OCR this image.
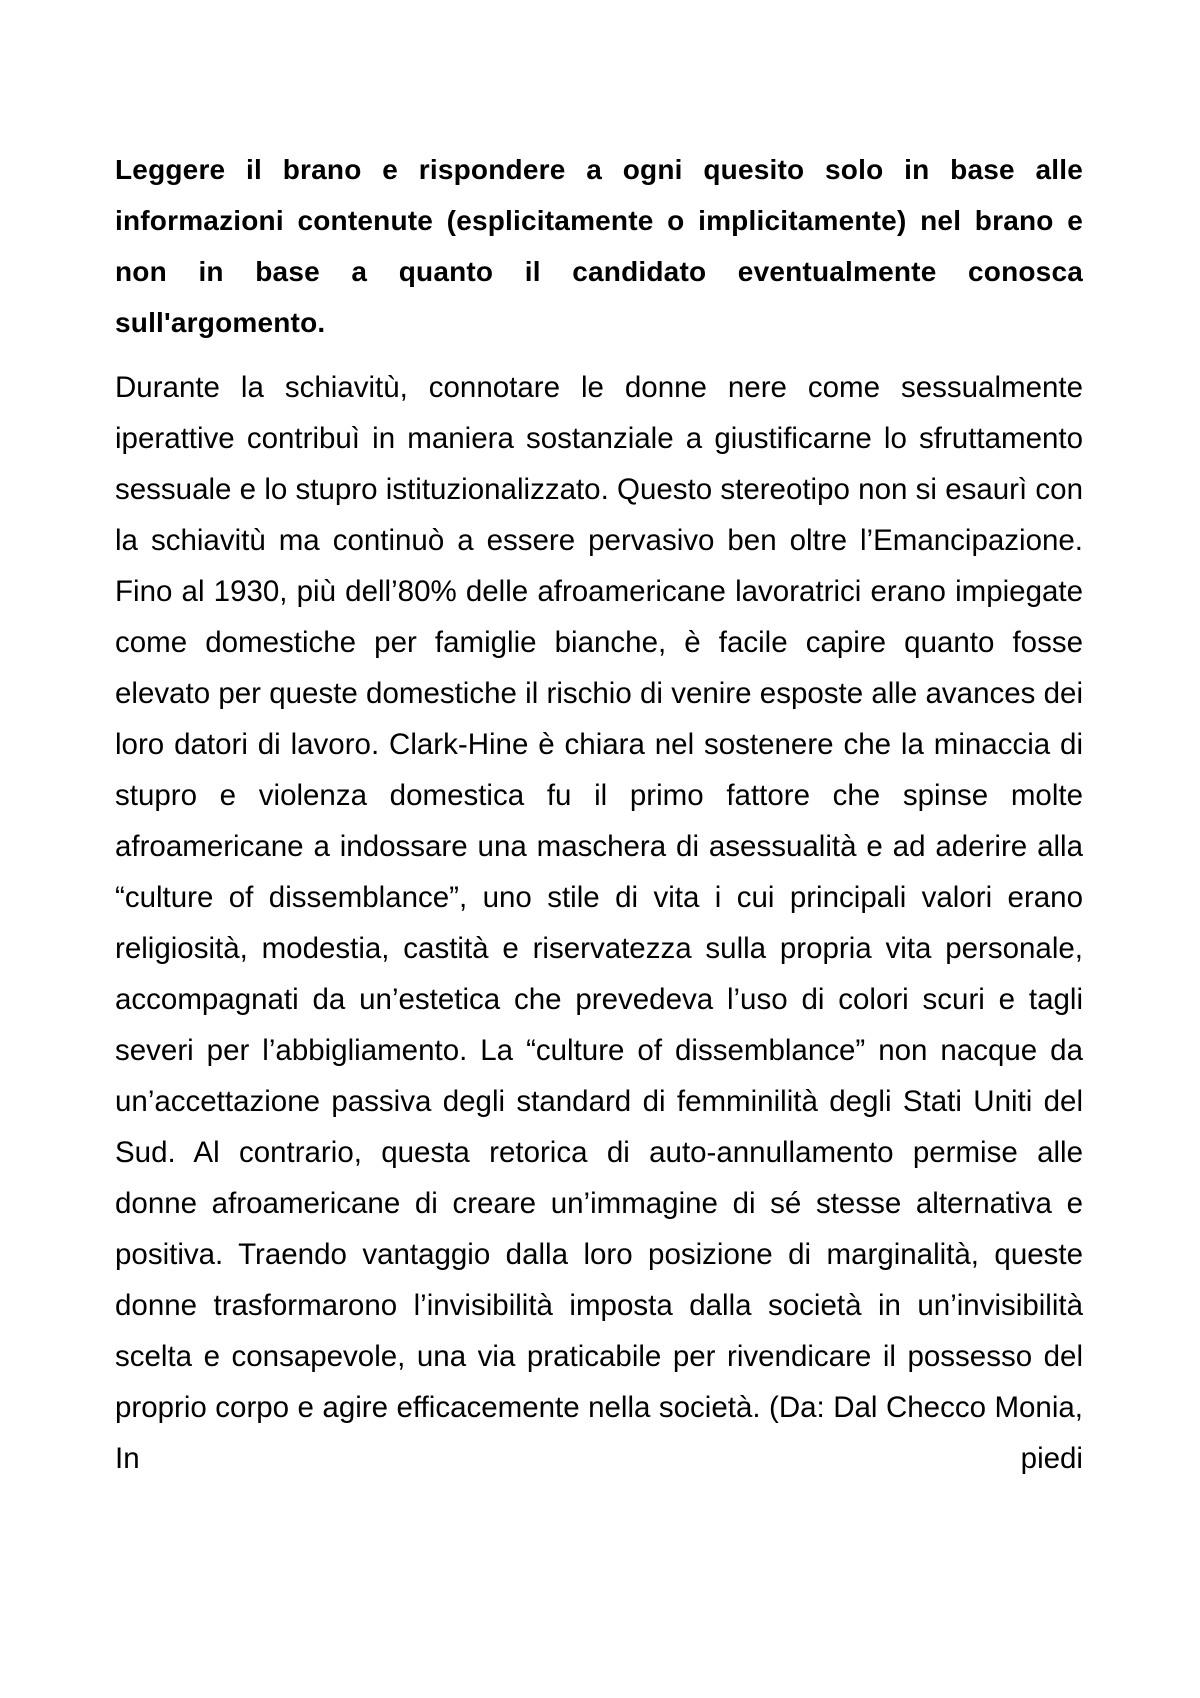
Leggere il brano e rispondere a ogni quesito solo in base alle informazioni contenute (esplicitamente o implicitamente) nel brano e non in base a quanto il candidato eventualmente conosca sull'argomento.

Durante la schiavitù, connotare le donne nere come sessualmente iperattive contribuì in maniera sostanziale a giustificarne lo sfruttamento sessuale e lo stupro istituzionalizzato. Questo stereotipo non si esaurì con la schiavitù ma continuò a essere pervasivo ben oltre l’Emancipazione. Fino al 1930, più dell’80% delle afroamericane lavoratrici erano impiegate come domestiche per famiglie bianche, è facile capire quanto fosse elevato per queste domestiche il rischio di venire esposte alle avances dei loro datori di lavoro. Clark-Hine è chiara nel sostenere che la minaccia di stupro e violenza domestica fu il primo fattore che spinse molte afroamericane a indossare una maschera di asessualità e ad aderire alla “culture of dissemblance”, uno stile di vita i cui principali valori erano religiosità, modestia, castità e riservatezza sulla propria vita personale, accompagnati da un’estetica che prevedeva l’uso di colori scuri e tagli severi per l’abbigliamento. La “culture of dissemblance” non nacque da un’accettazione passiva degli standard di femminilità degli Stati Uniti del Sud. Al contrario, questa retorica di auto-annullamento permise alle donne afroamericane di creare un’immagine di sé stesse alternativa e positiva. Traendo vantaggio dalla loro posizione di marginalità, queste donne trasformarono l’invisibilità imposta dalla società in un’invisibilità scelta e consapevole, una via praticabile per rivendicare il possesso del proprio corpo e agire efficacemente nella società. (Da: Dal Checco Monia, In piedi
